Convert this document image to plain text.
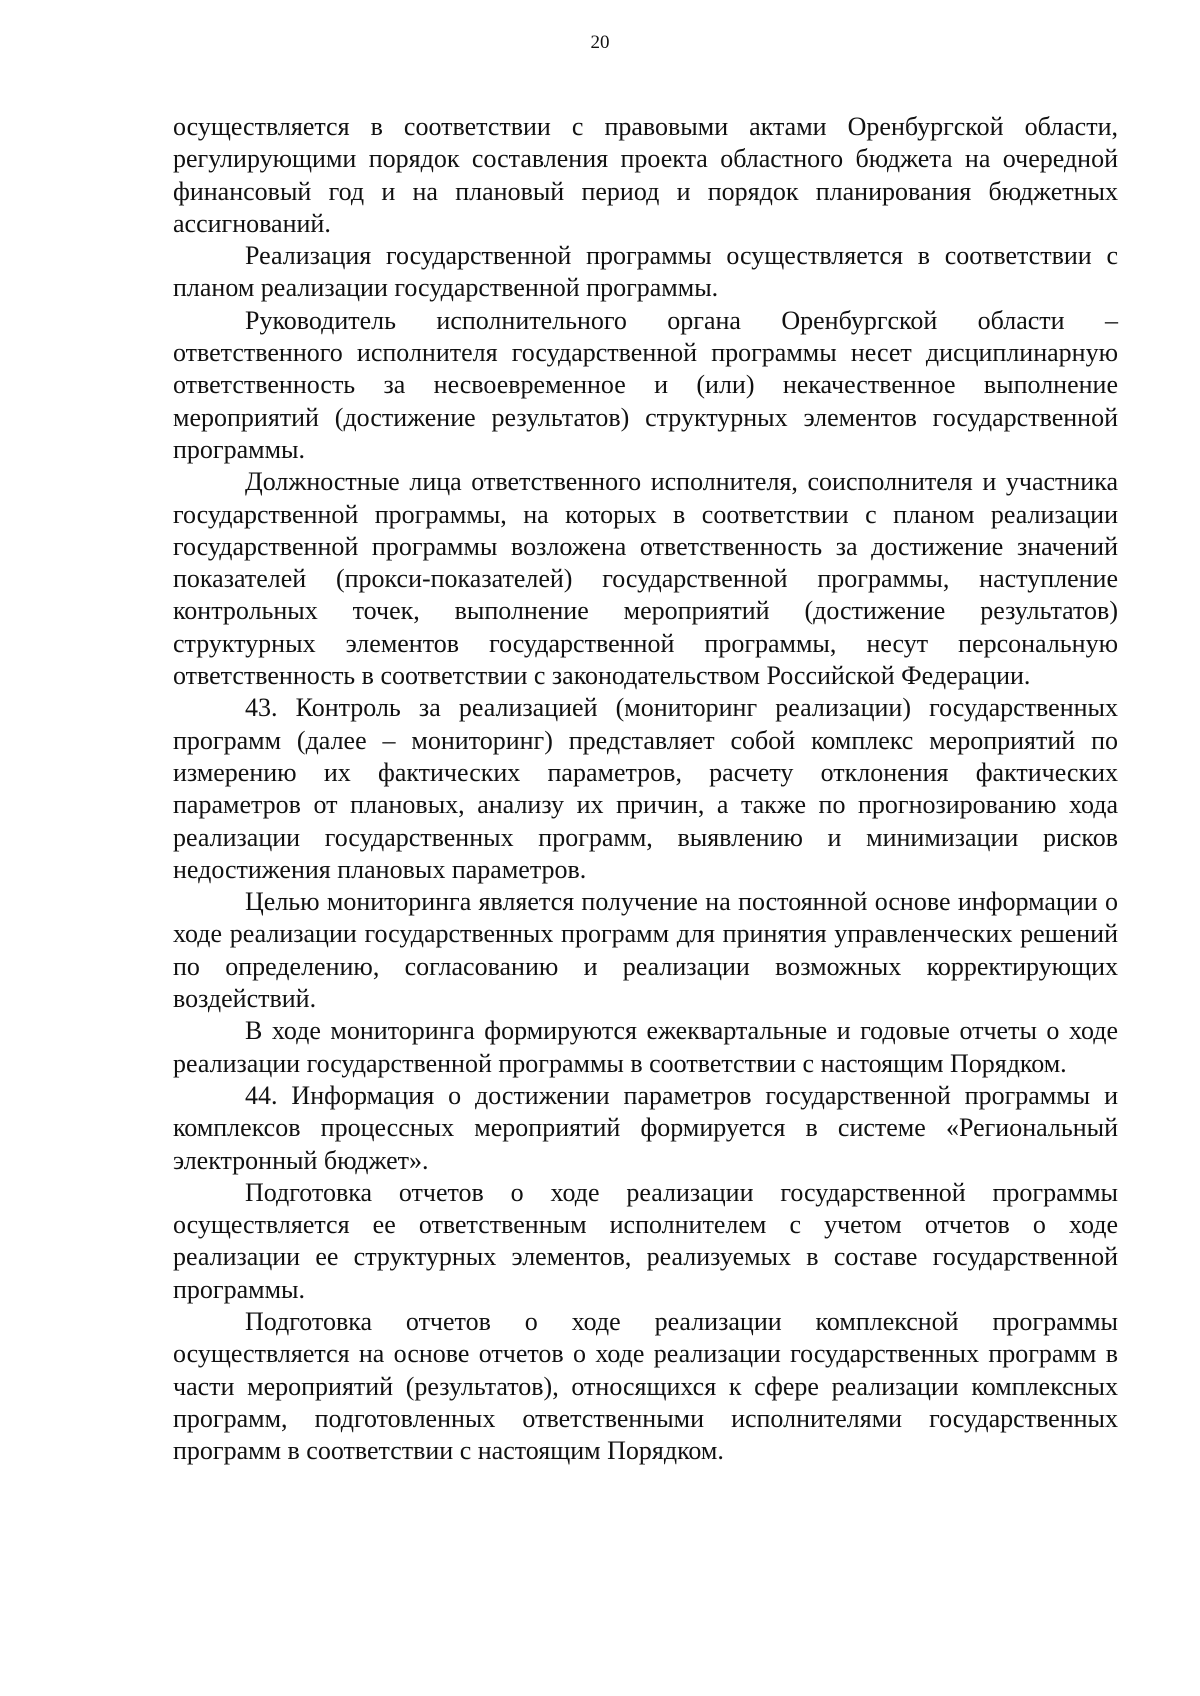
20

осуществляется в соответствии с правовыми актами Оренбургской области, регулирующими порядок составления проекта областного бюджета на очередной финансовый год и на плановый период и порядок планирования бюджетных ассигнований.

Реализация государственной программы осуществляется в соответствии с планом реализации государственной программы.

Руководитель исполнительного органа Оренбургской области – ответственного исполнителя государственной программы несет дисциплинарную ответственность за несвоевременное и (или) некачественное выполнение мероприятий (достижение результатов) структурных элементов государственной программы.

Должностные лица ответственного исполнителя, соисполнителя и участника государственной программы, на которых в соответствии с планом реализации государственной программы возложена ответственность за достижение значений показателей (прокси-показателей) государственной программы, наступление контрольных точек, выполнение мероприятий (достижение результатов) структурных элементов государственной программы, несут персональную ответственность в соответствии с законодательством Российской Федерации.

43. Контроль за реализацией (мониторинг реализации) государственных программ (далее – мониторинг) представляет собой комплекс мероприятий по измерению их фактических параметров, расчету отклонения фактических параметров от плановых, анализу их причин, а также по прогнозированию хода реализации государственных программ, выявлению и минимизации рисков недостижения плановых параметров.

Целью мониторинга является получение на постоянной основе информации о ходе реализации государственных программ для принятия управленческих решений по определению, согласованию и реализации возможных корректирующих воздействий.

В ходе мониторинга формируются ежеквартальные и годовые отчеты о ходе реализации государственной программы в соответствии с настоящим Порядком.

44. Информация о достижении параметров государственной программы и комплексов процессных мероприятий формируется в системе «Региональный электронный бюджет».

Подготовка отчетов о ходе реализации государственной программы осуществляется ее ответственным исполнителем с учетом отчетов о ходе реализации ее структурных элементов, реализуемых в составе государственной программы.

Подготовка отчетов о ходе реализации комплексной программы осуществляется на основе отчетов о ходе реализации государственных программ в части мероприятий (результатов), относящихся к сфере реализации комплексных программ, подготовленных ответственными исполнителями государственных программ в соответствии с настоящим Порядком.
